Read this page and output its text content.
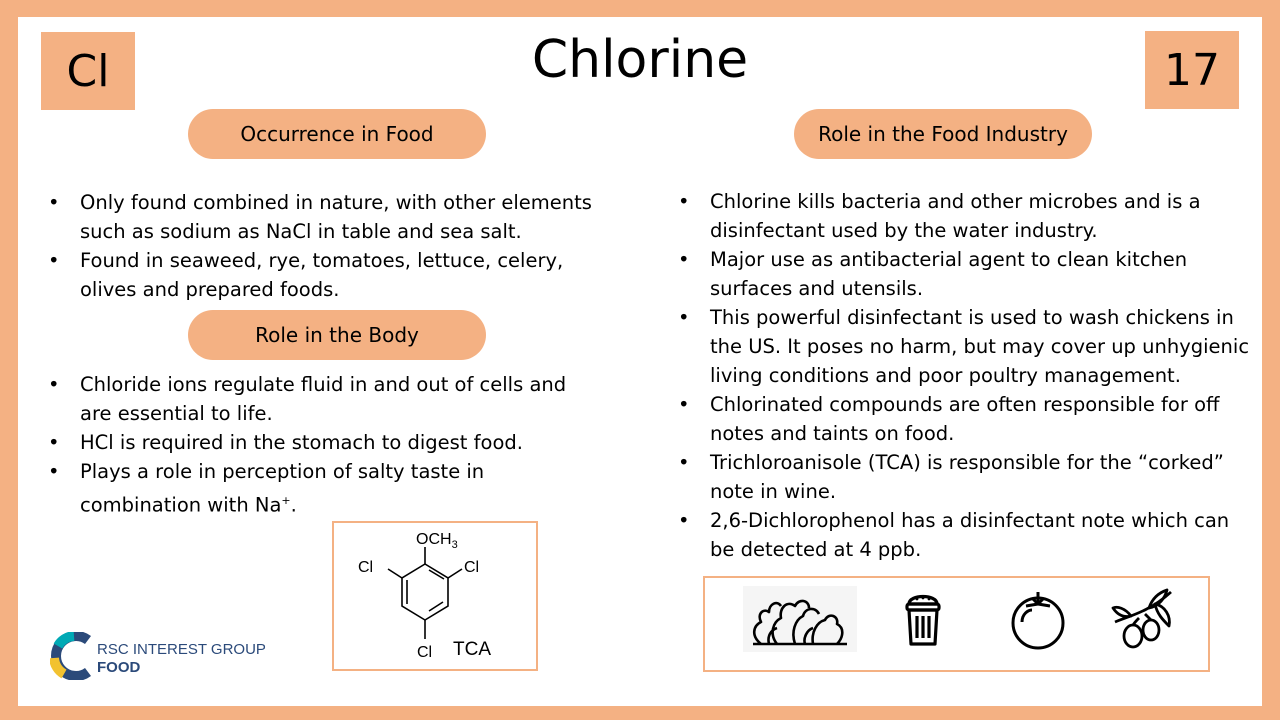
Cl	Chlorine	17
Occurrence in Food
• Only found combined in nature, with other elements such as sodium as NaCl in table and sea salt.
• Found in seaweed, rye, tomatoes, lettuce, celery, olives and prepared foods.
Role in the Body
• Chloride ions regulate fluid in and out of cells and are essential to life.
• HCl is required in the stomach to digest food.
• Plays a role in perception of salty taste in combination with Na+.
Role in the Food Industry
• Chlorine kills bacteria and other microbes and is a disinfectant used by the water industry.
• Major use as antibacterial agent to clean kitchen surfaces and utensils.
• This powerful disinfectant is used to wash chickens in the US. It poses no harm, but may cover up unhygienic living conditions and poor poultry management.
• Chlorinated compounds are often responsible for off notes and taints on food.
• Trichloroanisole (TCA) is responsible for the “corked” note in wine.
• 2,6-Dichlorophenol has a disinfectant note which can be detected at 4 ppb.
$OCH_3$
Cl	Cl
Cl TCA
RSC INTEREST GROUP
FOOD
